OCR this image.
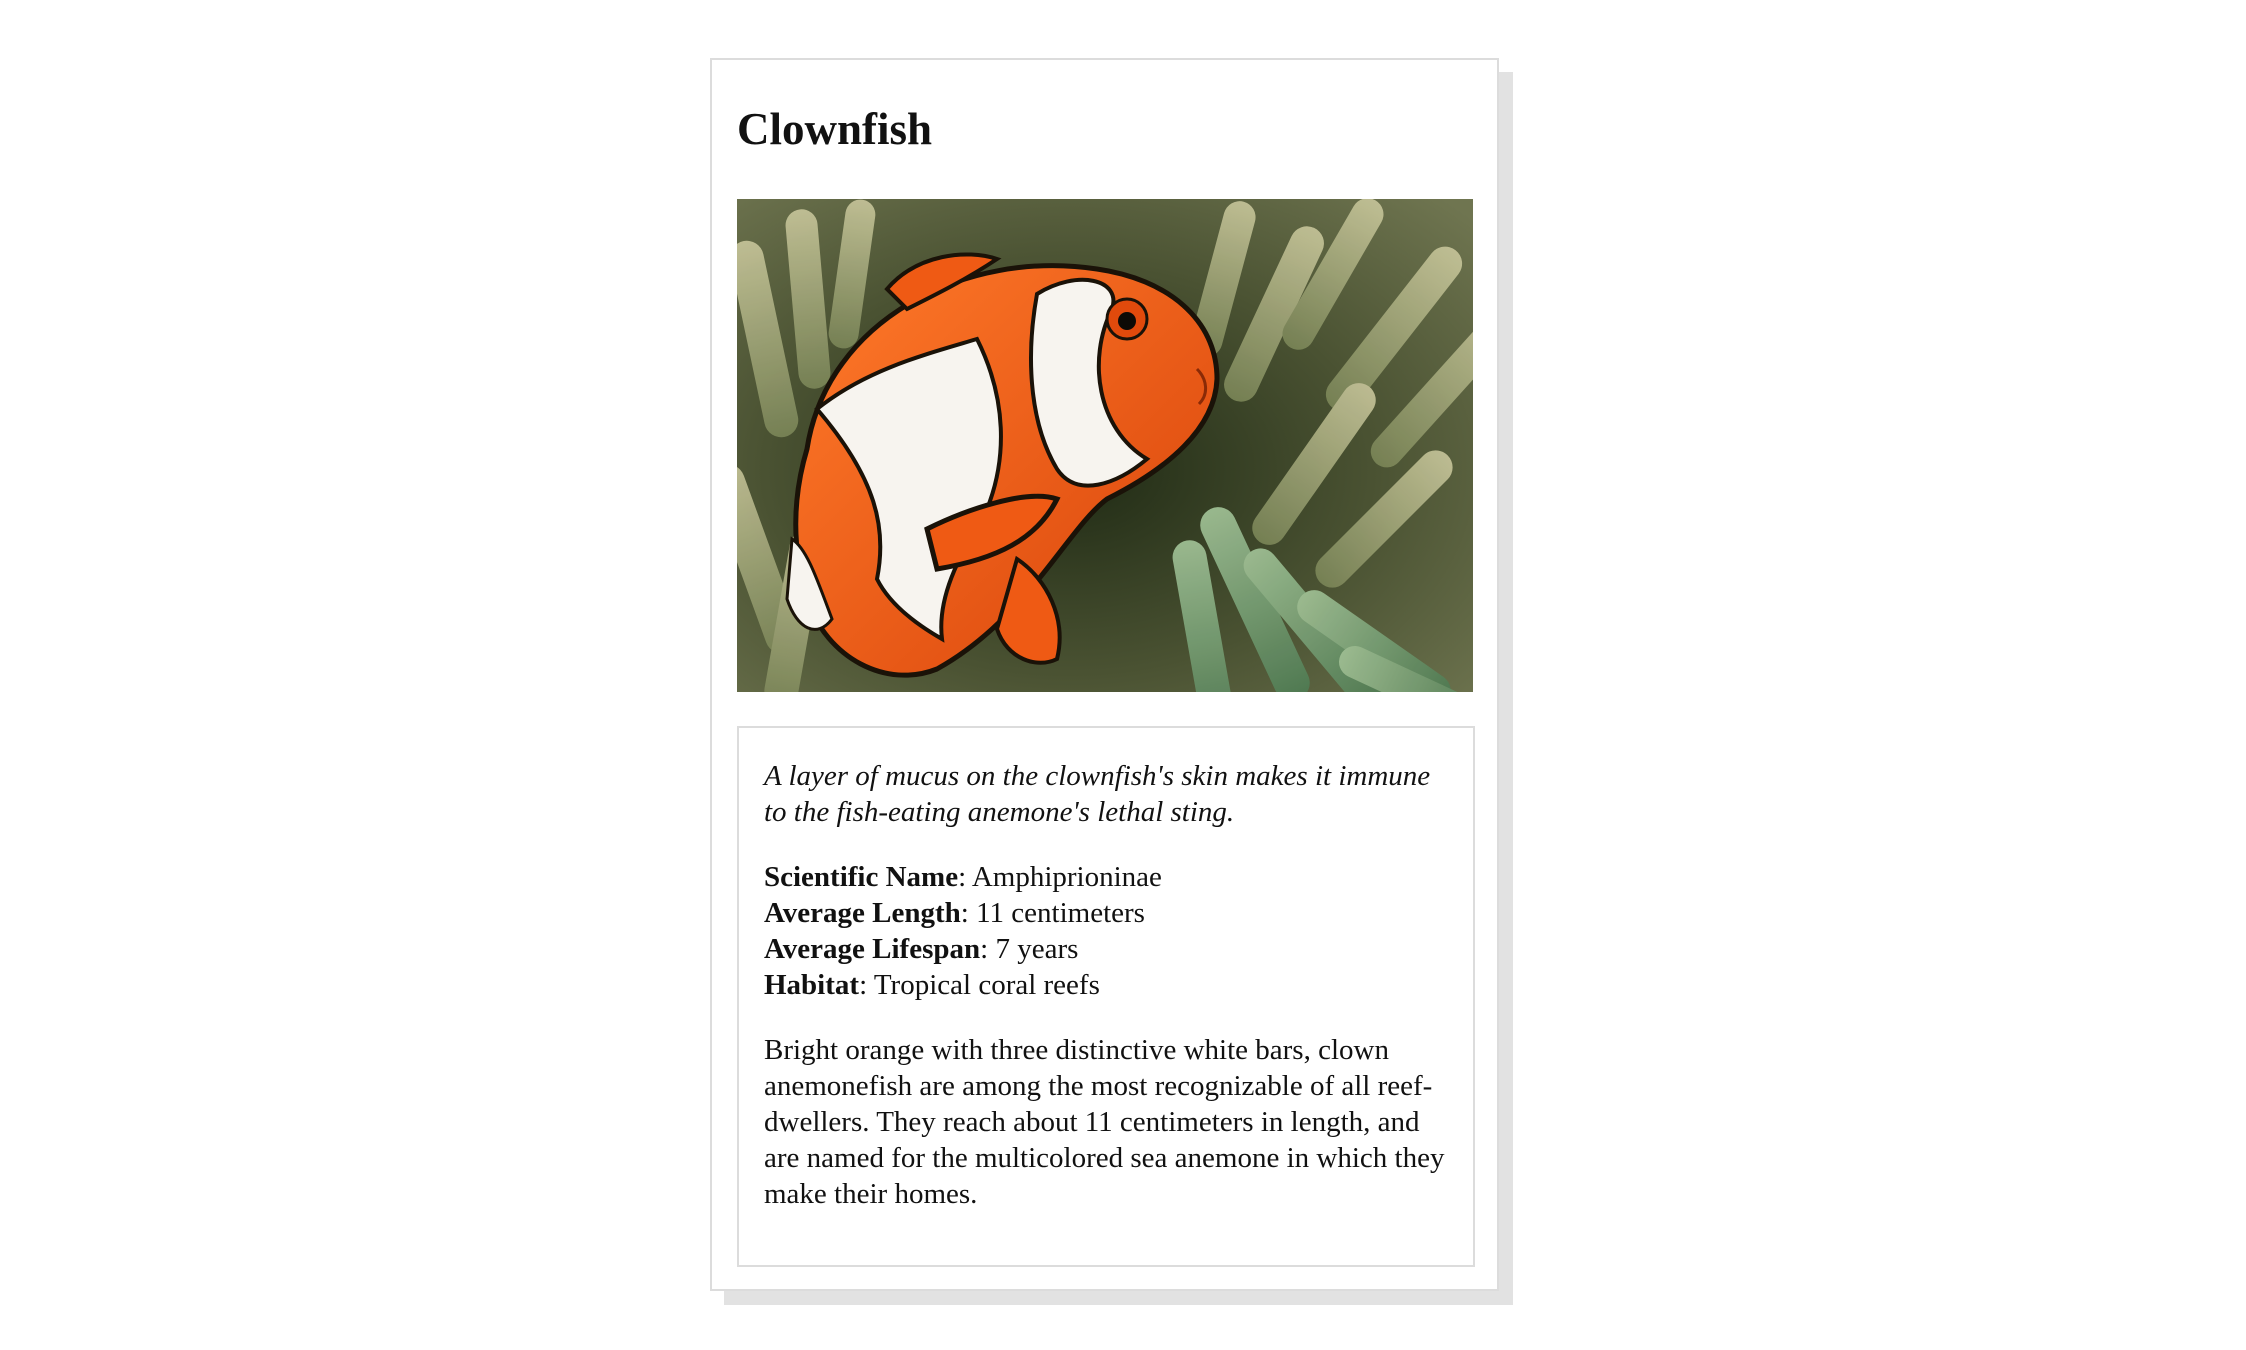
Clownfish

A layer of mucus on the clownfish's skin makes it immune to the fish-eating anemone's lethal sting.

Scientific Name: Amphiprioninae
Average Length: 11 centimeters
Average Lifespan: 7 years
Habitat: Tropical coral reefs

Bright orange with three distinctive white bars, clown anemonefish are among the most recognizable of all reef-dwellers. They reach about 11 centimeters in length, and are named for the multicolored sea anemone in which they make their homes.
